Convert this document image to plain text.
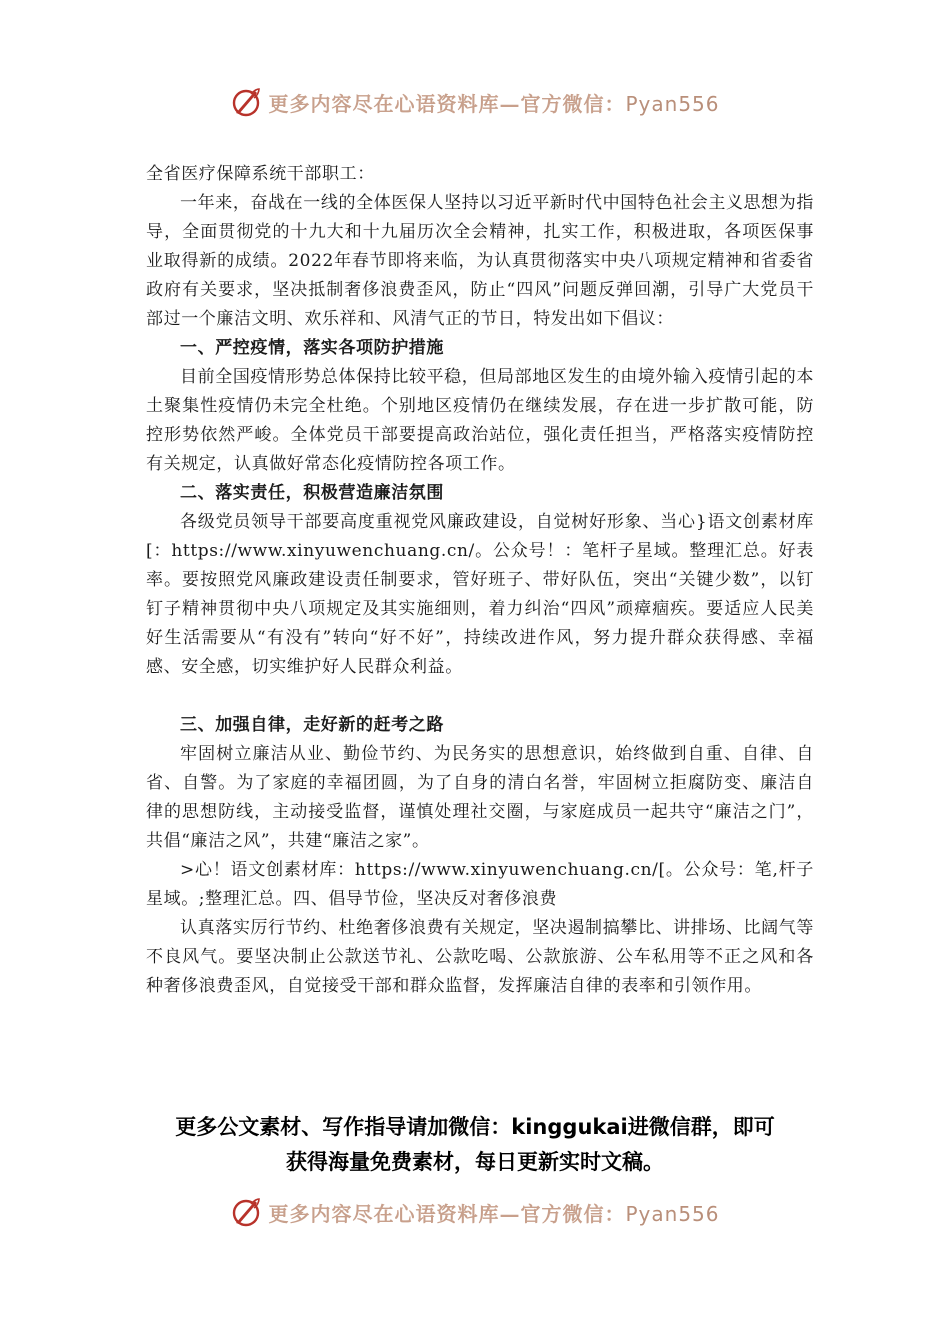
更多内容尽在心语资料库—官方微信：Pyan556

全省医疗保障系统干部职工：

一年来，奋战在一线的全体医保人坚持以习近平新时代中国特色社会主义思想为指导，全面贯彻党的十九大和十九届历次全会精神，扎实工作，积极进取，各项医保事业取得新的成绩。2022年春节即将来临，为认真贯彻落实中央八项规定精神和省委省政府有关要求，坚决抵制奢侈浪费歪风，防止“四风”问题反弹回潮，引导广大党员干部过一个廉洁文明、欢乐祥和、风清气正的节日，特发出如下倡议：

一、严控疫情，落实各项防护措施

目前全国疫情形势总体保持比较平稳，但局部地区发生的由境外输入疫情引起的本土聚集性疫情仍未完全杜绝。个别地区疫情仍在继续发展，存在进一步扩散可能，防控形势依然严峻。全体党员干部要提高政治站位，强化责任担当，严格落实疫情防控有关规定，认真做好常态化疫情防控各项工作。

二、落实责任，积极营造廉洁氛围

各级党员领导干部要高度重视党风廉政建设，自觉树好形象、当心}语文创素材库[：https://www.xinyuwenchuang.cn/。公众号！：笔杆子星域。整理汇总。好表率。要按照党风廉政建设责任制要求，管好班子、带好队伍，突出“关键少数”，以钉钉子精神贯彻中央八项规定及其实施细则，着力纠治“四风”顽瘴痼疾。要适应人民美好生活需要从“有没有”转向“好不好”，持续改进作风，努力提升群众获得感、幸福感、安全感，切实维护好人民群众利益。

三、加强自律，走好新的赶考之路

牢固树立廉洁从业、勤俭节约、为民务实的思想意识，始终做到自重、自律、自省、自警。为了家庭的幸福团圆，为了自身的清白名誉，牢固树立拒腐防变、廉洁自律的思想防线，主动接受监督，谨慎处理社交圈，与家庭成员一起共守“廉洁之门”，共倡“廉洁之风”，共建“廉洁之家”。

>心！语文创素材库：https://www.xinyuwenchuang.cn/[。公众号：笔,杆子星域。;整理汇总。四、倡导节俭，坚决反对奢侈浪费

认真落实厉行节约、杜绝奢侈浪费有关规定，坚决遏制搞攀比、讲排场、比阔气等不良风气。要坚决制止公款送节礼、公款吃喝、公款旅游、公车私用等不正之风和各种奢侈浪费歪风，自觉接受干部和群众监督，发挥廉洁自律的表率和引领作用。

更多公文素材、写作指导请加微信：kinggukai进微信群，即可
获得海量免费素材，每日更新实时文稿。
更多内容尽在心语资料库—官方微信：Pyan556
